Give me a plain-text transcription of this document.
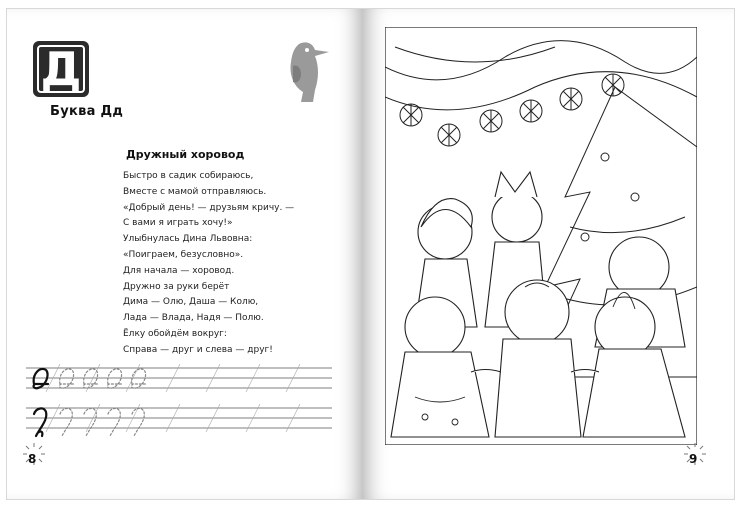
Д
Буква Дд
Дружный хоровод
Быстро в садик собираюсь,
Вместе с мамой отправляюсь.
«Добрый день! — друзьям кричу. —
С вами я играть хочу!»
Улыбнулась Дина Львовна:
«Поиграем, безусловно».
Для начала — хоровод.
Дружно за руки берёт
Дима — Олю, Даша — Колю,
Лада — Влада, Надя — Полю.
Ёлку обойдём вокруг:
Справа — друг и слева — друг!
8	9
